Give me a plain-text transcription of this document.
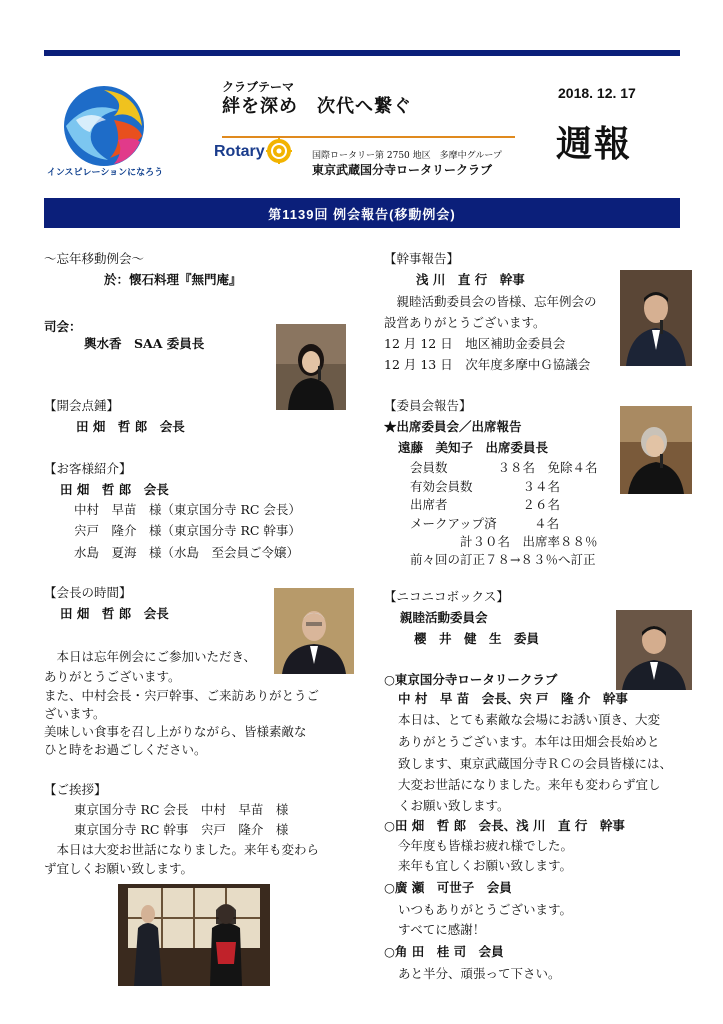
インスピレーションになろう
クラブテーマ
絆を深め　次代へ繋ぐ
Rotary	国際ロータリー第 2750 地区　多摩中グループ
東京武蔵国分寺ロータリークラブ
2018. 12. 17
週報
第1139回 例会報告(移動例会)
～忘年移動例会～
於：懐石料理『無門庵』
司会：
輿水香　SAA 委員長
【開会点鍾】
田 畑　哲 郎　会長
【お客様紹介】
田 畑　哲 郎　会長
中村　早苗　様（東京国分寺 RC 会長）
宍戸　隆介　様（東京国分寺 RC 幹事）
水島　夏海　様（水島　至会員ご令嬢）
【会長の時間】
田 畑　哲 郎　会長
　本日は忘年例会にご参加いただき、
ありがとうございます。
また、中村会長・宍戸幹事、ご来訪ありがとうご
ざいます。
美味しい食事を召し上がりながら、皆様素敵な
ひと時をお過ごしください。
【ご挨拶】
東京国分寺 RC 会長　中村　早苗　様
東京国分寺 RC 幹事　宍戸　隆介　様
　本日は大変お世話になりました。来年も変わら
ず宜しくお願い致します。
【幹事報告】
浅 川　直 行　幹事
　親睦活動委員会の皆様、忘年例会の
設営ありがとうございます。
12 月 12 日　地区補助金委員会
12 月 13 日　次年度多摩中Ｇ協議会
【委員会報告】
★出席委員会／出席報告
遠藤　美知子　出席委員長
会員数　　　　３８名　免除４名
有効会員数　　　　３４名
出席者　　　　　　２６名
メークアップ済　　　４名
　　　　計３０名　出席率８８％
前々回の訂正７８→８３％へ訂正
【ニコニコボックス】
親睦活動委員会
櫻　井　健　生　委員
○東京国分寺ロータリークラブ
中 村　早 苗　会長、宍 戸　隆 介　幹事
本日は、とても素敵な会場にお誘い頂き、大変
ありがとうございます。本年は田畑会長始めと
致します、東京武蔵国分寺ＲＣの会員皆様には、
大変お世話になりました。来年も変わらず宜し
くお願い致します。
○田 畑　哲 郎　会長、浅 川　直 行　幹事
今年度も皆様お疲れ様でした。
来年も宜しくお願い致します。
○廣 瀬　可世子　会員
いつもありがとうございます。
すべてに感謝！
○角 田　桂 司　会員
あと半分、頑張って下さい。
